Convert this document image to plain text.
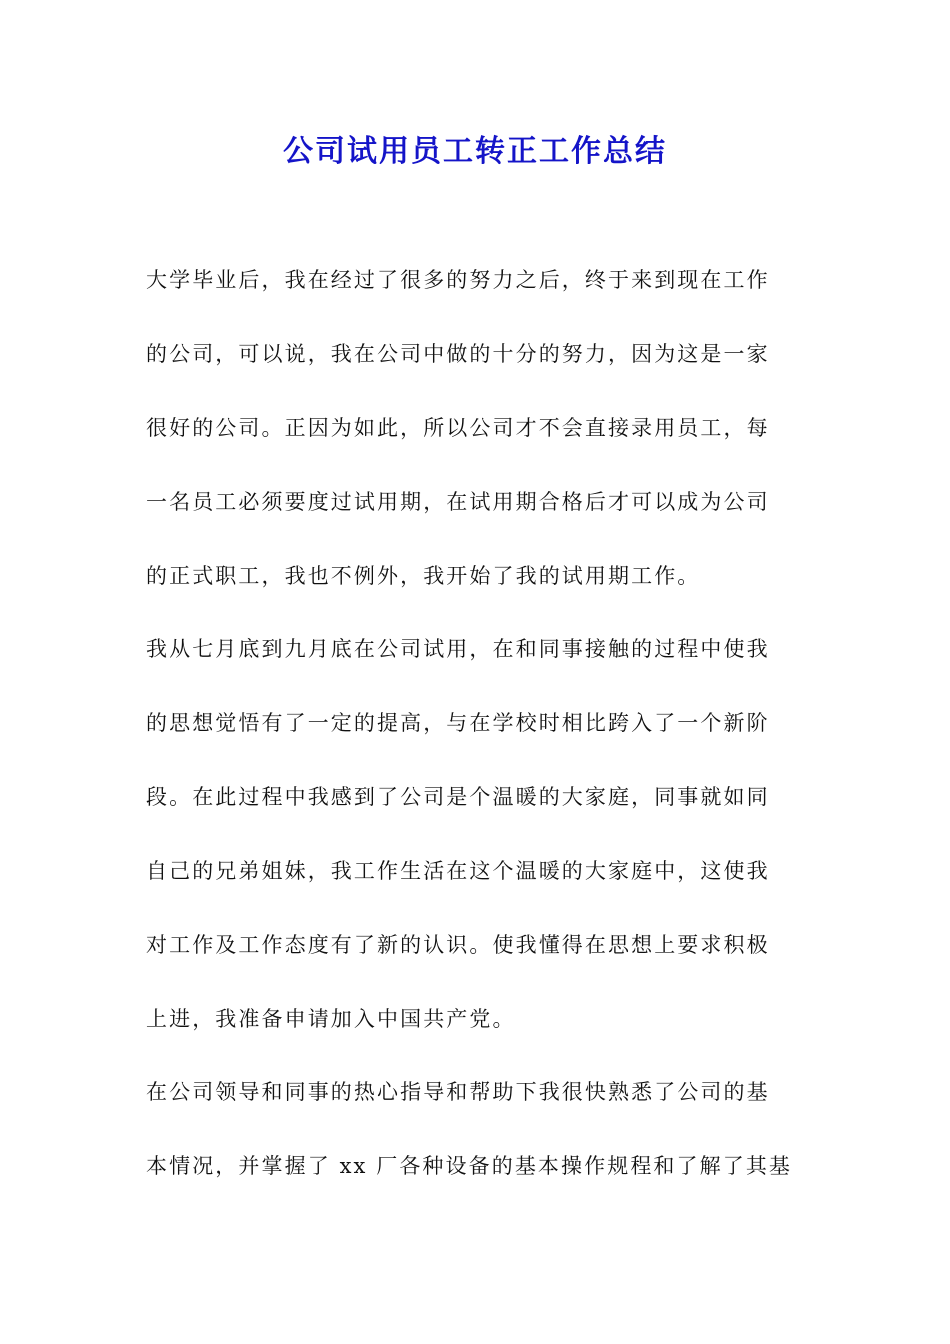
公司试用员工转正工作总结
大学毕业后，我在经过了很多的努力之后，终于来到现在工作
的公司，可以说，我在公司中做的十分的努力，因为这是一家
很好的公司。正因为如此，所以公司才不会直接录用员工，每
一名员工必须要度过试用期，在试用期合格后才可以成为公司
的正式职工，我也不例外，我开始了我的试用期工作。
我从七月底到九月底在公司试用，在和同事接触的过程中使我
的思想觉悟有了一定的提高，与在学校时相比跨入了一个新阶
段。在此过程中我感到了公司是个温暖的大家庭，同事就如同
自己的兄弟姐妹，我工作生活在这个温暖的大家庭中，这使我
对工作及工作态度有了新的认识。使我懂得在思想上要求积极
上进，我准备申请加入中国共产党。
在公司领导和同事的热心指导和帮助下我很快熟悉了公司的基
本情况，并掌握了 xx 厂各种设备的基本操作规程和了解了其基
